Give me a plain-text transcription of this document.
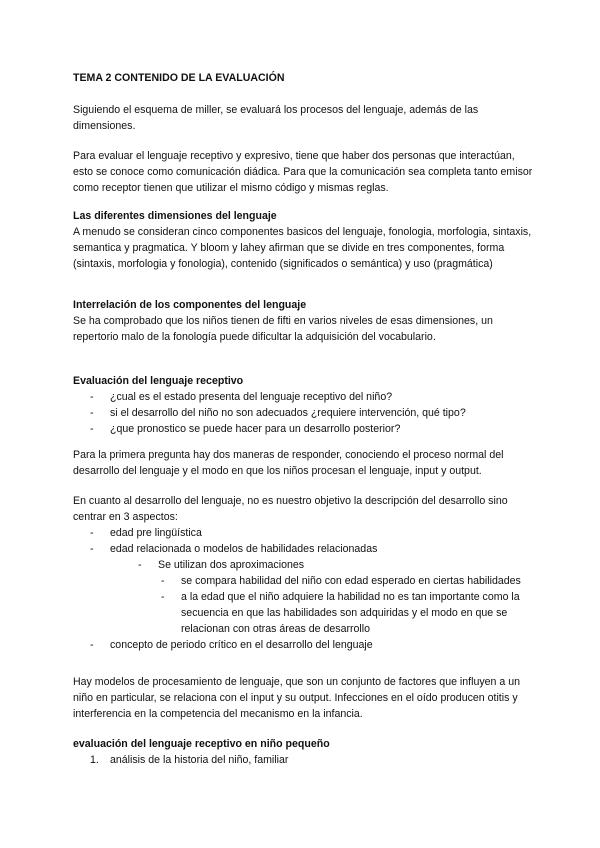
TEMA 2 CONTENIDO DE LA EVALUACIÓN

Siguiendo el esquema de miller, se evaluará los procesos del lenguaje, además de las dimensiones.

Para evaluar el lenguaje receptivo y expresivo, tiene que haber dos personas que interactúan, esto se conoce como comunicación diádica. Para que la comunicación sea completa tanto emisor como receptor tienen que utilizar el mismo código y mismas reglas.

Las diferentes dimensiones del lenguaje

A menudo se consideran cinco componentes basicos del lenguaje, fonologia, morfologia, sintaxis, semantica y pragmatica. Y bloom y lahey afirman que se divide en tres componentes, forma (sintaxis, morfologia y fonologia), contenido (significados o semántica) y uso (pragmática)

Interrelación de los componentes del lenguaje

Se ha comprobado que los niños tienen de fifti en varios niveles de esas dimensiones, un repertorio malo de la fonología puede dificultar la adquisición del vocabulario.

Evaluación del lenguaje receptivo

- ¿cual es el estado presenta del lenguaje receptivo del niño?
- si el desarrollo del niño no son adecuados ¿requiere intervención, qué tipo?
- ¿que pronostico se puede hacer para un desarrollo posterior?

Para la primera pregunta hay dos maneras de responder, conociendo el proceso normal del desarrollo del lenguaje y el modo en que los niños procesan el lenguaje, input y output.

En cuanto al desarrollo del lenguaje, no es nuestro objetivo la descripción del desarrollo sino centrar en 3 aspectos:

- edad pre lingüística
- edad relacionada o modelos de habilidades relacionadas
- Se utilizan dos aproximaciones
- se compara habilidad del niño con edad esperado en ciertas habilidades
- a la edad que el niño adquiere la habilidad no es tan importante como la secuencia en que las habilidades son adquiridas y el modo en que se relacionan con otras áreas de desarrollo
- concepto de periodo crítico en el desarrollo del lenguaje

Hay modelos de procesamiento de lenguaje, que son un conjunto de factores que influyen a un niño en particular, se relaciona con el input y su output. Infecciones en el oído producen otitis y interferencia en la competencia del mecanismo en la infancia.

evaluación del lenguaje receptivo en niño pequeño

1. análisis de la historia del niño, familiar
